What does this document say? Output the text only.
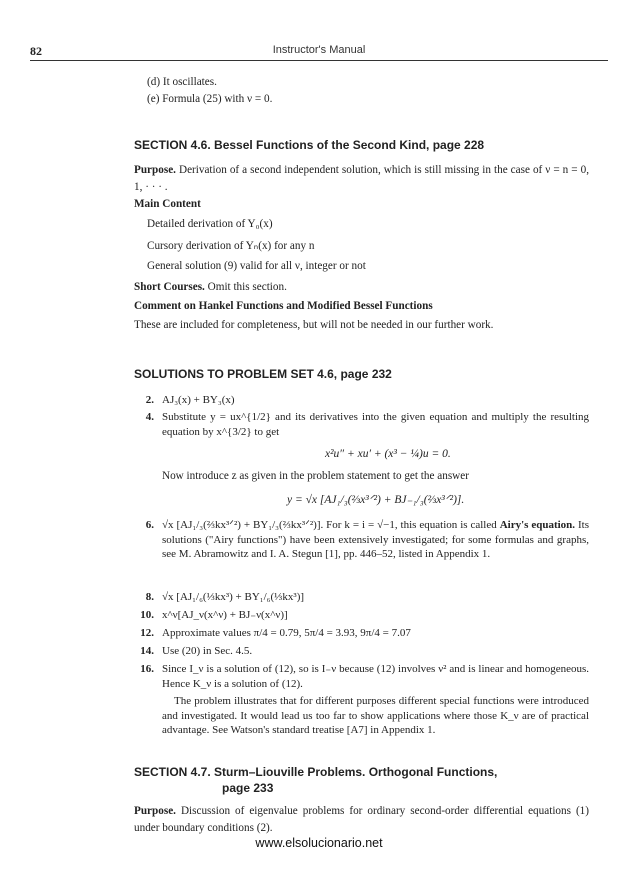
82	Instructor's Manual
(d) It oscillates.
(e) Formula (25) with ν = 0.
SECTION 4.6. Bessel Functions of the Second Kind, page 228
Purpose. Derivation of a second independent solution, which is still missing in the case of ν = n = 0, 1, · · · .
Main Content
Detailed derivation of Y₀(x)
Cursory derivation of Yₙ(x) for any n
General solution (9) valid for all ν, integer or not
Short Courses. Omit this section.
Comment on Hankel Functions and Modified Bessel Functions
These are included for completeness, but will not be needed in our further work.
SOLUTIONS TO PROBLEM SET 4.6, page 232
2. AJ₃(x) + BY₃(x)
4. Substitute y = ux^{1/2} and its derivatives into the given equation and multiply the resulting equation by x^{3/2} to get
x²u″ + xu′ + (x³ − ¼)u = 0.
Now introduce z as given in the problem statement to get the answer
y = √x [AJ₁/₃(⅔x³ᐟ²) + BJ₋₁/₃(⅔x³ᐟ²)].
6. √x [AJ₁/₃(⅔kx³ᐟ²) + BY₁/₃(⅔kx³ᐟ²)]. For k = i = √−1, this equation is called Airy's equation. Its solutions ("Airy functions") have been extensively investigated; for some formulas and graphs, see M. Abramowitz and I. A. Stegun [1], pp. 446–52, listed in Appendix 1.
8. √x [AJ₁/₆(⅓kx³) + BY₁/₆(⅓kx³)]
10. x^ν[AJ_ν(x^ν) + BJ₋ν(x^ν)]
12. Approximate values π/4 = 0.79, 5π/4 = 3.93, 9π/4 = 7.07
14. Use (20) in Sec. 4.5.
16. Since I_ν is a solution of (12), so is I₋ν because (12) involves ν² and is linear and homogeneous. Hence K_ν is a solution of (12).
The problem illustrates that for different purposes different special functions were introduced and investigated. It would lead us too far to show applications where those K_ν are of practical advantage. See Watson's standard treatise [A7] in Appendix 1.
SECTION 4.7. Sturm–Liouville Problems. Orthogonal Functions,
page 233
Purpose. Discussion of eigenvalue problems for ordinary second-order differential equations (1) under boundary conditions (2).
www.elsolucionario.net
